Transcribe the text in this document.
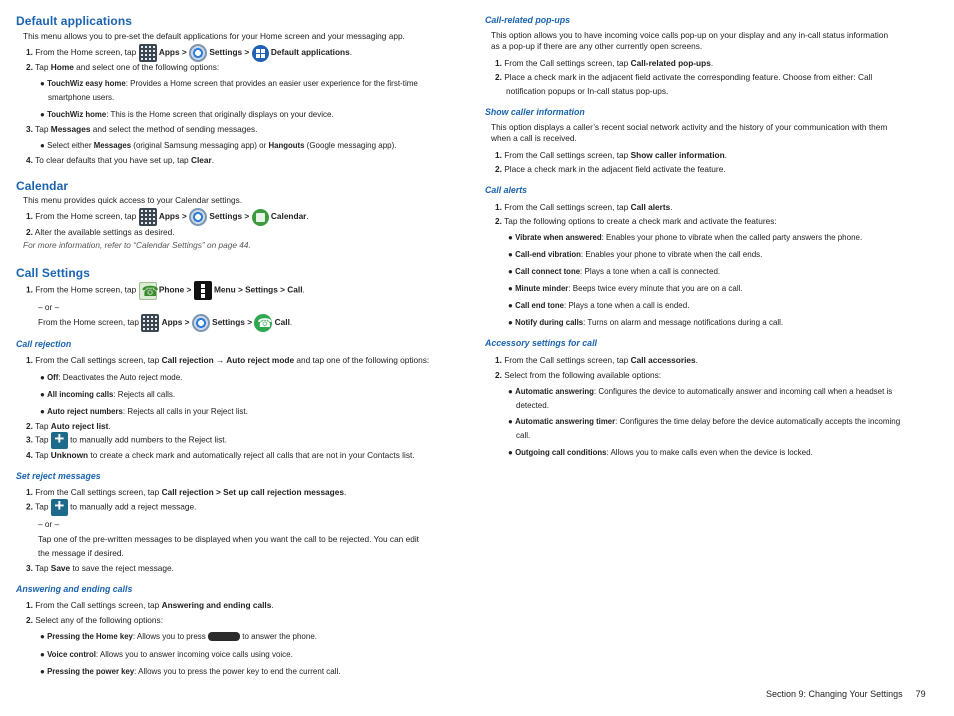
Default applications
This menu allows you to pre-set the default applications for your Home screen and your messaging app.
1. From the Home screen, tap	Apps >	Settings >	Default applications.
2. Tap Home and select one of the following options:
● TouchWiz easy home: Provides a Home screen that provides an easier user experience for the first-time
smartphone users.
● TouchWiz home: This is the Home screen that originally displays on your device.
3. Tap Messages and select the method of sending messages.
● Select either Messages (original Samsung messaging app) or Hangouts (Google messaging app).
4. To clear defaults that you have set up, tap Clear.
Calendar
This menu provides quick access to your Calendar settings.
1. From the Home screen, tap	Apps >	Settings >	Calendar.
2. Alter the available settings as desired.
For more information, refer to “Calendar Settings” on page 44.
Call Settings
1. From the Home screen, tap ☎	Phone >	Menu > Settings > Call.
– or –
From the Home screen, tap	Apps >	Settings > ☎	Call.
Call rejection
1. From the Call settings screen, tap Call rejection → Auto reject mode and tap one of the following options:
● Off: Deactivates the Auto reject mode.
● All incoming calls: Rejects all calls.
● Auto reject numbers: Rejects all calls in your Reject list.
2. Tap Auto reject list.
3. Tap +	to manually add numbers to the Reject list.
4. Tap Unknown to create a check mark and automatically reject all calls that are not in your Contacts list.
Set reject messages
1. From the Call settings screen, tap Call rejection > Set up call rejection messages.
2. Tap +	to manually add a reject message.
– or –
Tap one of the pre-written messages to be displayed when you want the call to be rejected. You can edit
the message if desired.
3. Tap Save to save the reject message.
Answering and ending calls
1. From the Call settings screen, tap Answering and ending calls.
2. Select any of the following options:
● Pressing the Home key: Allows you to press	to answer the phone.
● Voice control: Allows you to answer incoming voice calls using voice.
● Pressing the power key: Allows you to press the power key to end the current call.
Call-related pop-ups
This option allows you to have incoming voice calls pop-up on your display and any in-call status information
as a pop-up if there are any other currently open screens.
1. From the Call settings screen, tap Call-related pop-ups.
2. Place a check mark in the adjacent field activate the corresponding feature. Choose from either: Call
notification popups or In-call status pop-ups.
Show caller information
This option displays a caller’s recent social network activity and the history of your communication with them
when a call is received.
1. From the Call settings screen, tap Show caller information.
2. Place a check mark in the adjacent field activate the feature.
Call alerts
1. From the Call settings screen, tap Call alerts.
2. Tap the following options to create a check mark and activate the features:
● Vibrate when answered: Enables your phone to vibrate when the called party answers the phone.
● Call-end vibration: Enables your phone to vibrate when the call ends.
● Call connect tone: Plays a tone when a call is connected.
● Minute minder: Beeps twice every minute that you are on a call.
● Call end tone: Plays a tone when a call is ended.
● Notify during calls: Turns on alarm and message notifications during a call.
Accessory settings for call
1. From the Call settings screen, tap Call accessories.
2. Select from the following available options:
● Automatic answering: Configures the device to automatically answer and incoming call when a headset is
detected.
● Automatic answering timer: Configures the time delay before the device automatically accepts the incoming
call.
● Outgoing call conditions: Allows you to make calls even when the device is locked.
Section 9: Changing Your Settings 79
